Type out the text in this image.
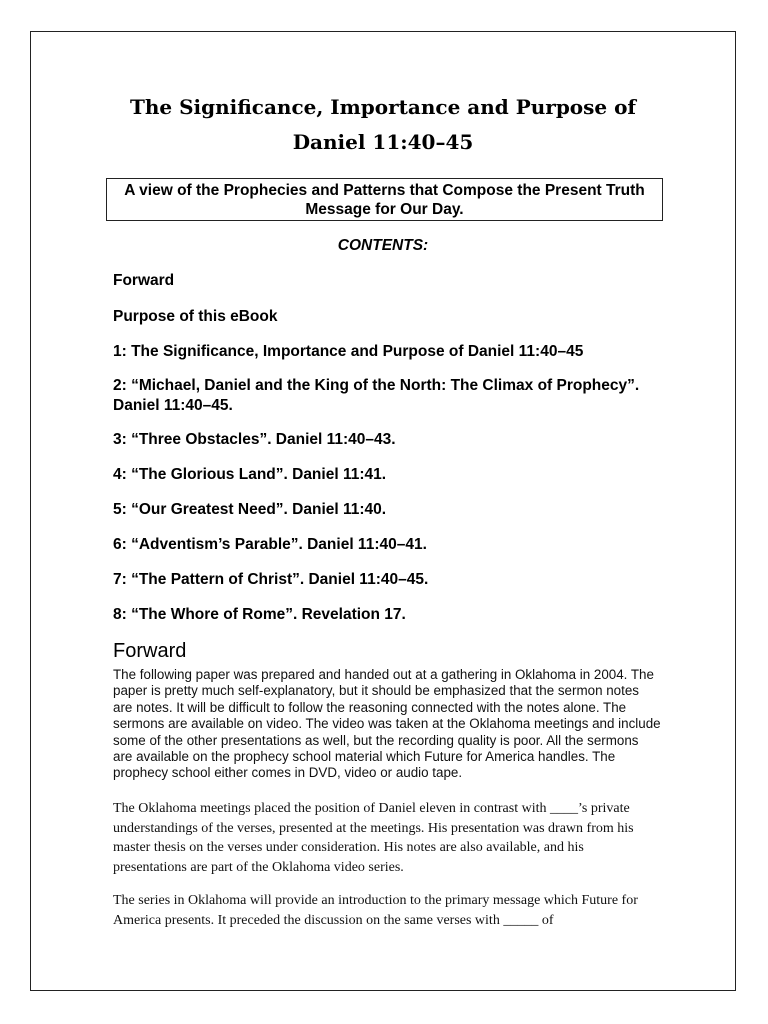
The Significance, Importance and Purpose of
Daniel 11:40–45
A view of the Prophecies and Patterns that Compose the Present Truth Message for Our Day.
CONTENTS:
Forward
Purpose of this eBook
1: The Significance, Importance and Purpose of Daniel 11:40–45
2: “Michael, Daniel and the King of the North: The Climax of Prophecy”. Daniel 11:40–45.
3: “Three Obstacles”. Daniel 11:40–43.
4: “The Glorious Land”. Daniel 11:41.
5: “Our Greatest Need”. Daniel 11:40.
6: “Adventism’s Parable”. Daniel 11:40–41.
7: “The Pattern of Christ”. Daniel 11:40–45.
8: “The Whore of Rome”. Revelation 17.
Forward

The following paper was prepared and handed out at a gathering in Oklahoma in 2004. The paper is pretty much self-explanatory, but it should be emphasized that the sermon notes are notes. It will be difficult to follow the reasoning connected with the notes alone. The sermons are available on video. The video was taken at the Oklahoma meetings and include some of the other presentations as well, but the recording quality is poor. All the sermons are available on the prophecy school material which Future for America handles. The prophecy school either comes in DVD, video or audio tape.

The Oklahoma meetings placed the position of Daniel eleven in contrast with ____’s private understandings of the verses, presented at the meetings. His presentation was drawn from his master thesis on the verses under consideration. His notes are also available, and his presentations are part of the Oklahoma video series.

The series in Oklahoma will provide an introduction to the primary message which Future for America presents. It preceded the discussion on the same verses with _____ of
